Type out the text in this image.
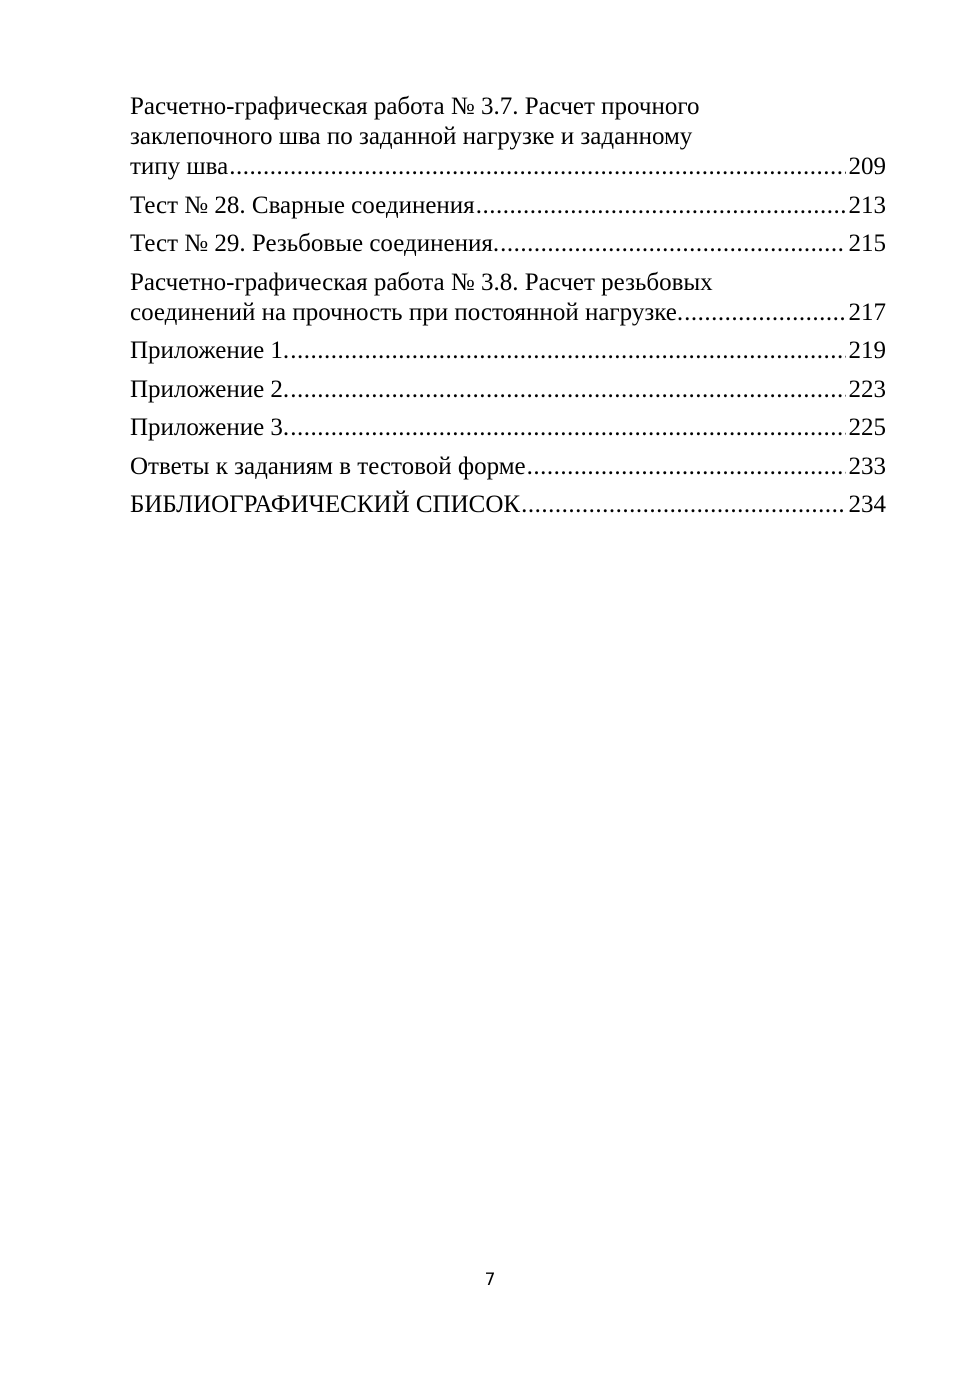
Расчетно-графическая работа № 3.7. Расчет прочного
заклепочного шва по заданной нагрузке и заданному
типу шва .....	209
Тест № 28. Сварные соединения .....	213
Тест № 29. Резьбовые соединения. .....	215
Расчетно-графическая работа № 3.8. Расчет резьбовых
соединений на прочность при постоянной нагрузке. .....	217
Приложение 1. .....	219
Приложение 2. .....	223
Приложение 3. .....	225
Ответы к заданиям в тестовой форме .....	233
БИБЛИОГРАФИЧЕСКИЙ СПИСОК .....	234
7
